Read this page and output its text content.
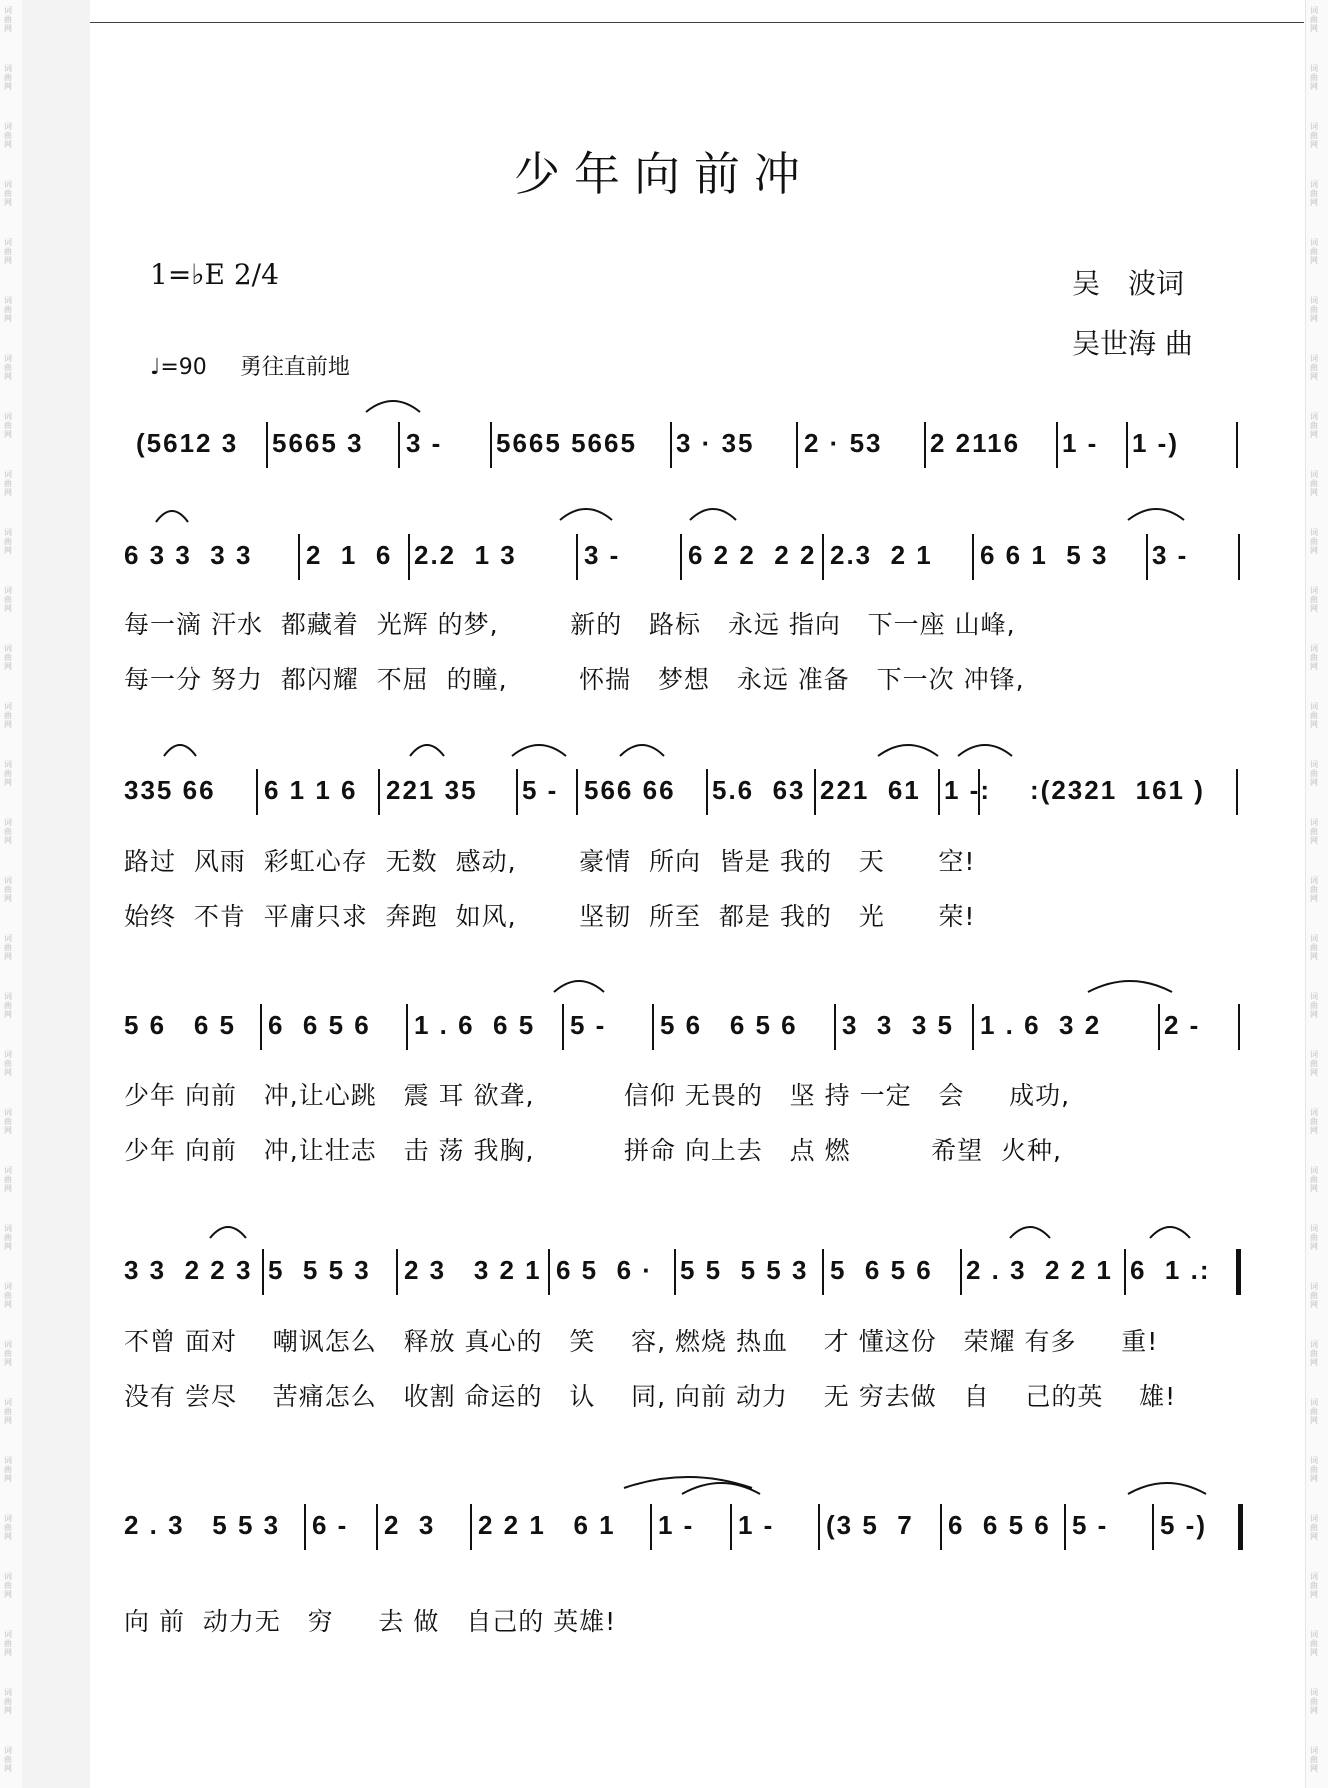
词曲网
词曲网
词曲网
词曲网
词曲网
词曲网
词曲网
词曲网
词曲网
词曲网
词曲网
词曲网
词曲网
词曲网
词曲网
词曲网
词曲网
词曲网
词曲网
词曲网
词曲网
词曲网
词曲网
词曲网
词曲网
词曲网
词曲网
词曲网
词曲网
词曲网
词曲网
词曲网
词曲网
词曲网
词曲网
词曲网
词曲网
词曲网
词曲网
词曲网
词曲网
词曲网
词曲网
词曲网
词曲网
词曲网
词曲网
词曲网
词曲网
词曲网
词曲网
词曲网
词曲网
词曲网
词曲网
词曲网
词曲网
词曲网
词曲网
词曲网
词曲网
词曲网
少年向前冲
1=♭E 2/4
♩=90 勇往直前地
吴　波词
吴世海 曲
(5612 3 5665 3 3 - 5665 5665 3 · 35 2 · 53 2 2116 1 - 1 -)
6 3 3  3 3 2  1  6 2.2  1 3	3 -	6 2 2  2 2 2.3  2 1 6 6 1  5 3 3 -
每一滴 汗水  都藏着  光辉 的梦,        新的   路标   永远 指向   下一座 山峰,
每一分 努力  都闪耀  不屈  的瞳,        怀揣   梦想   永远 准备   下一次 冲锋,
335 66 6 1 1 6 221 35 5 - 566 66 5.6  63 221  61 1 -: :(2321  161 )
路过  风雨  彩虹心存  无数  感动,       豪情  所向  皆是 我的   天      空!
始终  不肯  平庸只求  奔跑  如风,       坚韧  所至  都是 我的   光      荣!
5 6   6 5 6  6 5 6 1 . 6  6 5 5 - 5 6   6 5 6 3  3  3 5 1 . 6  3 2 2 -
少年 向前   冲,让心跳   震 耳 欲聋,          信仰 无畏的   坚 持 一定   会     成功,
少年 向前   冲,让壮志   击 荡 我胸,          拼命 向上去   点 燃         希望  火种,
3 3  2 2 3 5  5 5 3 2 3   3 2 1 6 5  6 · 5 5  5 5 3 5  6 5 6 2 . 3  2 2 1 6  1 .:
不曾 面对    嘲讽怎么   释放 真心的   笑    容, 燃烧 热血    才 懂这份   荣耀 有多     重!
没有 尝尽    苦痛怎么   收割 命运的   认    同, 向前 动力    无 穷去做   自    己的英    雄!
2 . 3   5 5 3 6 - 2  3 2 2 1   6 1 1 - 1 - (3 5  7 6  6 5 6 5 - 5 -)
向 前  动力无   穷     去 做   自己的 英雄!
